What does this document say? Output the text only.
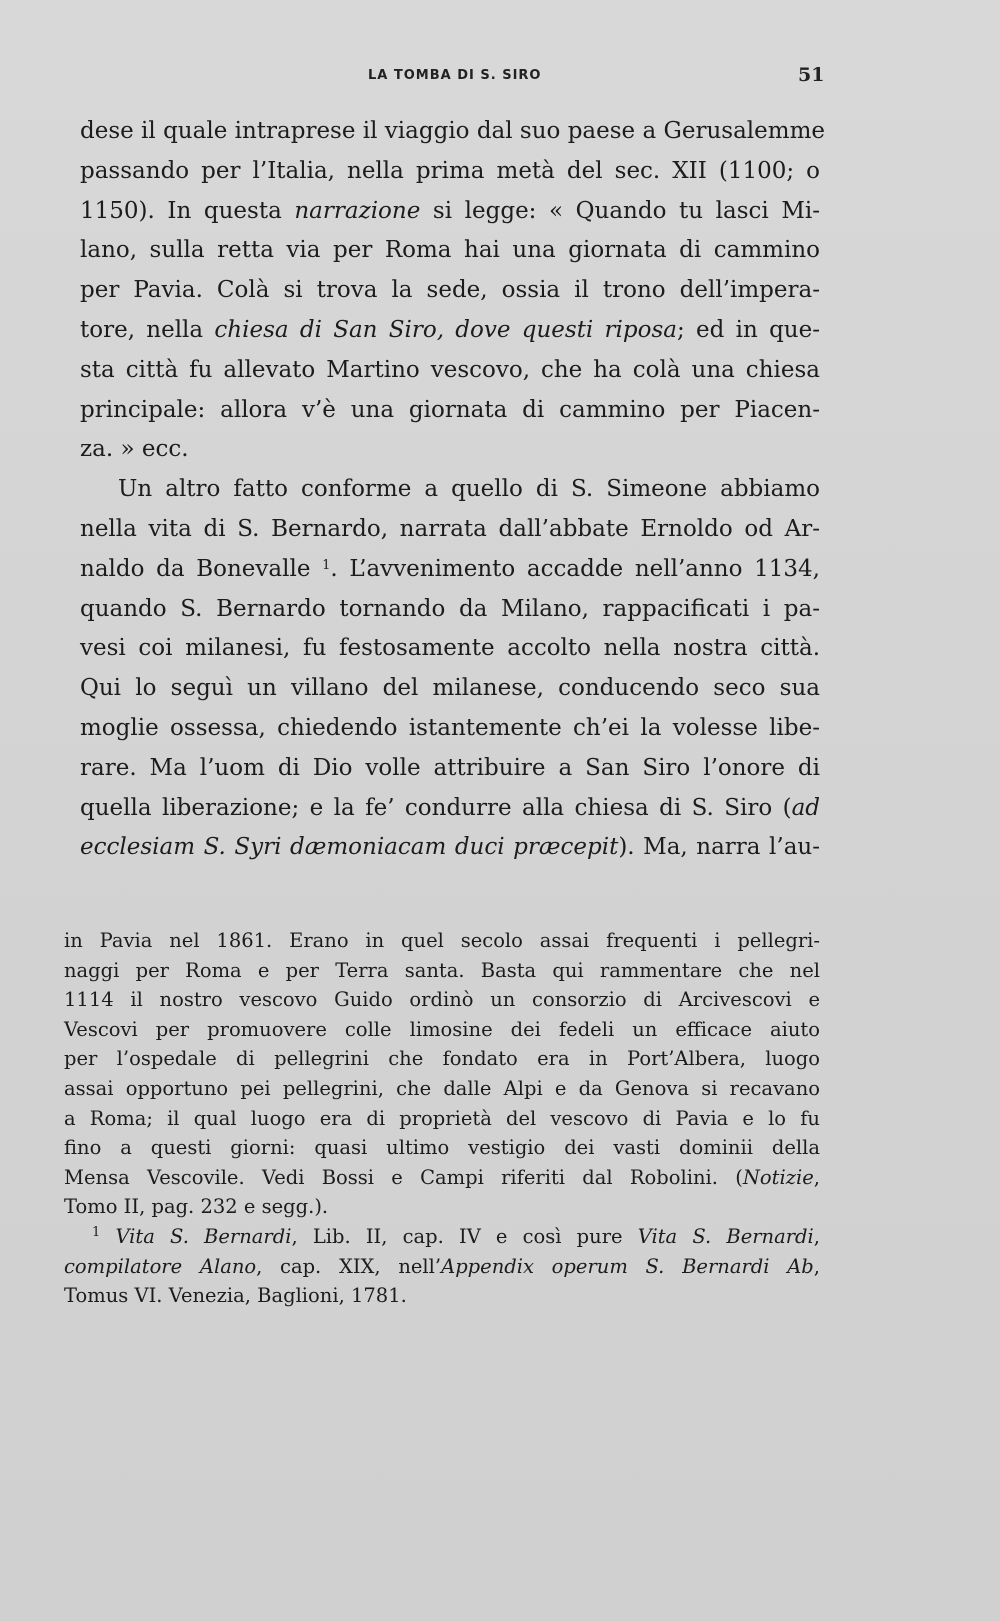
LA TOMBA DI S. SIRO	51
dese il quale intraprese il viaggio dal suo paese a Gerusalemme
passando per l’Italia, nella prima metà del sec. XII (1100; o
1150). In questa narrazione si legge: « Quando tu lasci Mi-
lano, sulla retta via per Roma hai una giornata di cammino
per Pavia. Colà si trova la sede, ossia il trono dell’impera-
tore, nella chiesa di San Siro, dove questi riposa; ed in que-
sta città fu allevato Martino vescovo, che ha colà una chiesa
principale: allora v’è una giornata di cammino per Piacen-
za. » ecc.
Un altro fatto conforme a quello di S. Simeone abbiamo
nella vita di S. Bernardo, narrata dall’abbate Ernoldo od Ar-
naldo da Bonevalle $^1$. L’avvenimento accadde nell’anno 1134,
quando S. Bernardo tornando da Milano, rappacificati i pa-
vesi coi milanesi, fu festosamente accolto nella nostra città.
Qui lo seguì un villano del milanese, conducendo seco sua
moglie ossessa, chiedendo istantemente ch’ei la volesse libe-
rare. Ma l’uom di Dio volle attribuire a San Siro l’onore di
quella liberazione; e la fe’ condurre alla chiesa di S. Siro (ad
ecclesiam S. Syri dæmoniacam duci præcepit). Ma, narra l’au-
in Pavia nel 1861. Erano in quel secolo assai frequenti i pellegri-
naggi per Roma e per Terra santa. Basta qui rammentare che nel
1114 il nostro vescovo Guido ordinò un consorzio di Arcivescovi e
Vescovi per promuovere colle limosine dei fedeli un efficace aiuto
per l’ospedale di pellegrini che fondato era in Port’Albera, luogo
assai opportuno pei pellegrini, che dalle Alpi e da Genova si recavano
a Roma; il qual luogo era di proprietà del vescovo di Pavia e lo fu
fino a questi giorni: quasi ultimo vestigio dei vasti dominii della
Mensa Vescovile. Vedi Bossi e Campi riferiti dal Robolini. (Notizie,
Tomo II, pag. 232 e segg.).
$^1$ Vita S. Bernardi, Lib. II, cap. IV e così pure Vita S. Bernardi,
compilatore Alano, cap. XIX, nell’Appendix operum S. Bernardi Ab,
Tomus VI. Venezia, Baglioni, 1781.
